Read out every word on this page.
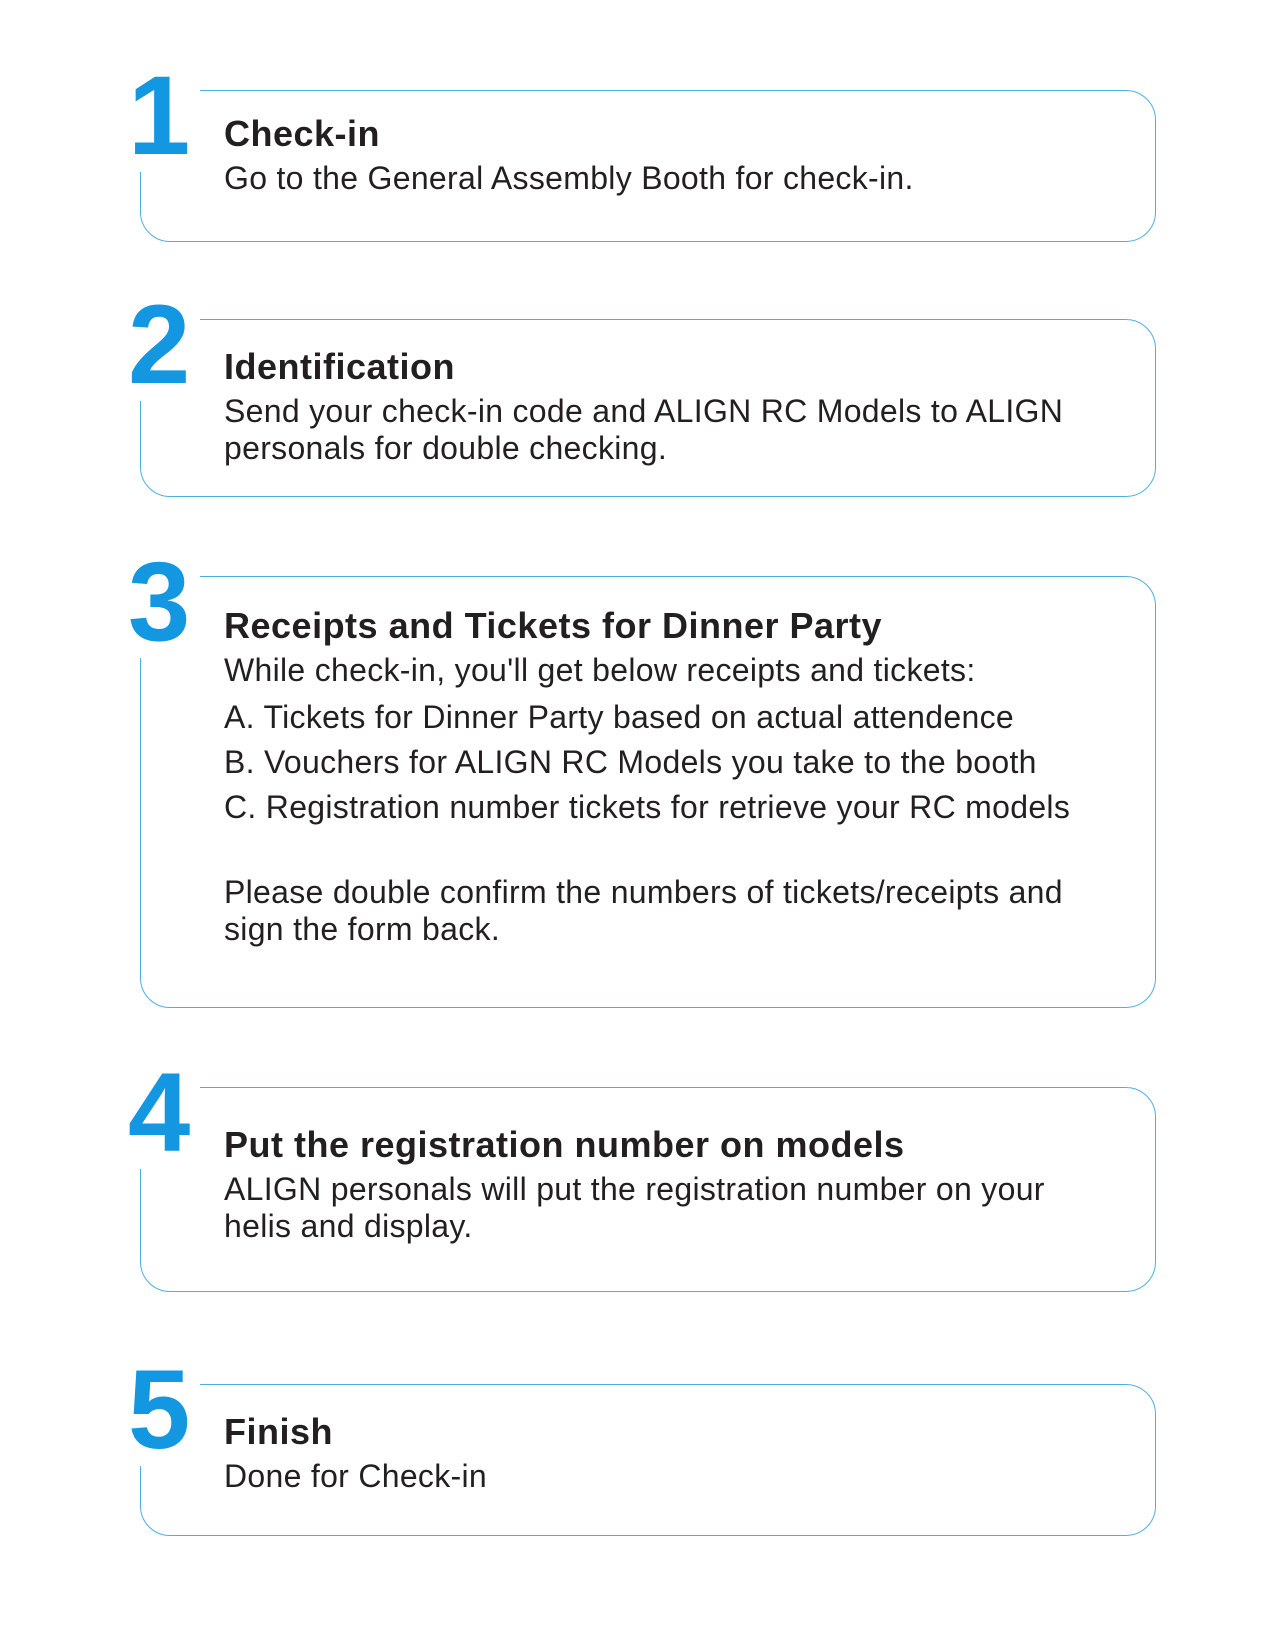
1 Check-in

Go to the General Assembly Booth for check-in.

2 Identification

Send your check-in code and ALIGN RC Models to ALIGN personals for double checking.

3 Receipts and Tickets for Dinner Party

While check-in, you'll get below receipts and tickets:

A. Tickets for Dinner Party based on actual attendence
B. Vouchers for ALIGN RC Models you take to the booth
C. Registration number tickets for retrieve your RC models

Please double confirm the numbers of tickets/receipts and sign the form back.

4 Put the registration number on models

ALIGN personals will put the registration number on your helis and display.

5 Finish

Done for Check-in
